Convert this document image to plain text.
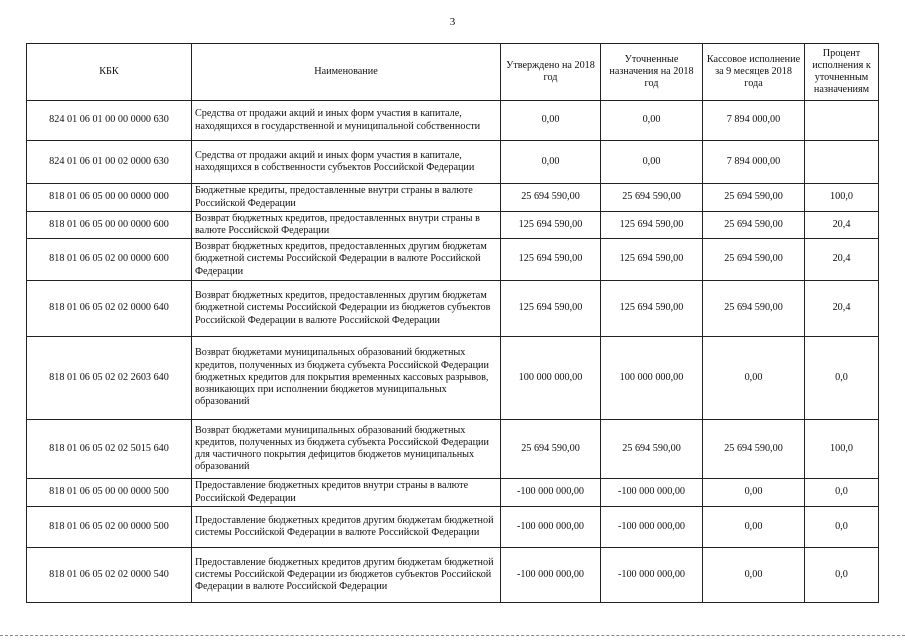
3
КБК	Наименование	Утверждено на 2018 год	Уточненные назначения на 2018 год	Кассовое исполнение за 9 месяцев 2018 года	Процент исполнения к уточненным назначениям
824 01 06 01 00 00 0000 630	Средства от продажи акций и иных форм участия в капитале, находящихся в государственной и муниципальной собственности	0,00	0,00	7 894 000,00	
824 01 06 01 00 02 0000 630	Средства от продажи акций и иных форм участия в капитале, находящихся в собственности субъектов Российской Федерации	0,00	0,00	7 894 000,00	
818 01 06 05 00 00 0000 000	Бюджетные кредиты, предоставленные внутри страны в валюте Российской Федерации	25 694 590,00	25 694 590,00	25 694 590,00	100,0
818 01 06 05 00 00 0000 600	Возврат бюджетных кредитов, предоставленных внутри страны в валюте Российской Федерации	125 694 590,00	125 694 590,00	25 694 590,00	20,4
818 01 06 05 02 00 0000 600	Возврат бюджетных кредитов, предоставленных другим бюджетам бюджетной системы Российской Федерации в валюте Российской Федерации	125 694 590,00	125 694 590,00	25 694 590,00	20,4
818 01 06 05 02 02 0000 640	Возврат бюджетных кредитов, предоставленных другим бюджетам бюджетной системы Российской Федерации из бюджетов субъектов Российской Федерации в валюте Российской Федерации	125 694 590,00	125 694 590,00	25 694 590,00	20,4
818 01 06 05 02 02 2603 640	Возврат бюджетами муниципальных образований бюджетных кредитов, полученных из бюджета субъекта Российской Федерации бюджетных кредитов для покрытия временных кассовых разрывов, возникающих при исполнении бюджетов муниципальных образований	100 000 000,00	100 000 000,00	0,00	0,0
818 01 06 05 02 02 5015 640	Возврат бюджетами муниципальных образований бюджетных кредитов, полученных из бюджета субъекта Российской Федерации для частичного покрытия дефицитов бюджетов муниципальных образований	25 694 590,00	25 694 590,00	25 694 590,00	100,0
818 01 06 05 00 00 0000 500	Предоставление бюджетных кредитов внутри страны в валюте Российской Федерации	-100 000 000,00	-100 000 000,00	0,00	0,0
818 01 06 05 02 00 0000 500	Предоставление бюджетных кредитов другим бюджетам бюджетной системы Российской Федерации в валюте Российской Федерации	-100 000 000,00	-100 000 000,00	0,00	0,0
818 01 06 05 02 02 0000 540	Предоставление бюджетных кредитов другим бюджетам бюджетной системы Российской Федерации из бюджетов субъектов Российской Федерации в валюте Российской Федерации	-100 000 000,00	-100 000 000,00	0,00	0,0
